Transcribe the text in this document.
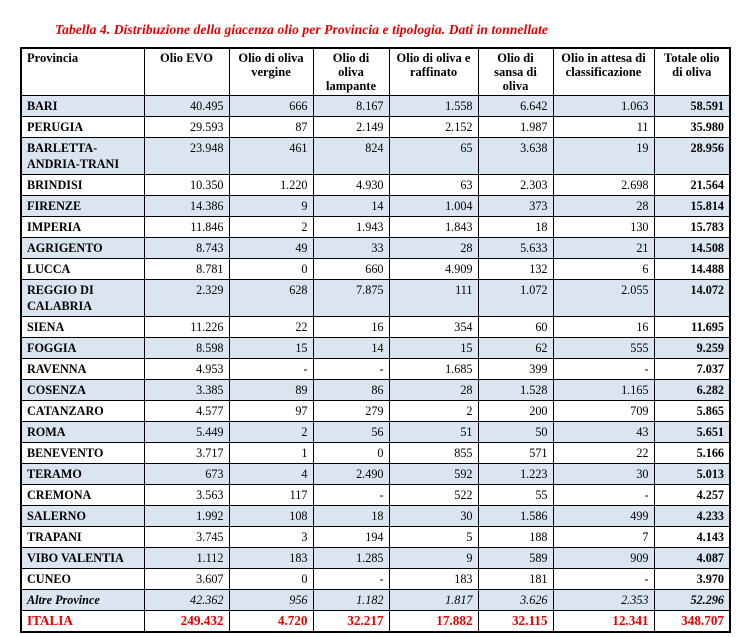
Tabella 4. Distribuzione della giacenza olio per Provincia e tipologia. Dati in tonnellate
Provincia	Olio EVO	Olio di oliva vergine	Olio di oliva lampante	Olio di oliva e raffinato	Olio di sansa di oliva	Olio in attesa di classificazione	Totale olio di oliva
BARI	40.495	666	8.167	1.558	6.642	1.063	58.591
PERUGIA	29.593	87	2.149	2.152	1.987	11	35.980
BARLETTA-ANDRIA-TRANI	23.948	461	824	65	3.638	19	28.956
BRINDISI	10.350	1.220	4.930	63	2.303	2.698	21.564
FIRENZE	14.386	9	14	1.004	373	28	15.814
IMPERIA	11.846	2	1.943	1.843	18	130	15.783
AGRIGENTO	8.743	49	33	28	5.633	21	14.508
LUCCA	8.781	0	660	4.909	132	6	14.488
REGGIO DI CALABRIA	2.329	628	7.875	111	1.072	2.055	14.072
SIENA	11.226	22	16	354	60	16	11.695
FOGGIA	8.598	15	14	15	62	555	9.259
RAVENNA	4.953	-	-	1.685	399	-	7.037
COSENZA	3.385	89	86	28	1.528	1.165	6.282
CATANZARO	4.577	97	279	2	200	709	5.865
ROMA	5.449	2	56	51	50	43	5.651
BENEVENTO	3.717	1	0	855	571	22	5.166
TERAMO	673	4	2.490	592	1.223	30	5.013
CREMONA	3.563	117	-	522	55	-	4.257
SALERNO	1.992	108	18	30	1.586	499	4.233
TRAPANI	3.745	3	194	5	188	7	4.143
VIBO VALENTIA	1.112	183	1.285	9	589	909	4.087
CUNEO	3.607	0	-	183	181	-	3.970
Altre Province	42.362	956	1.182	1.817	3.626	2.353	52.296
ITALIA	249.432	4.720	32.217	17.882	32.115	12.341	348.707
